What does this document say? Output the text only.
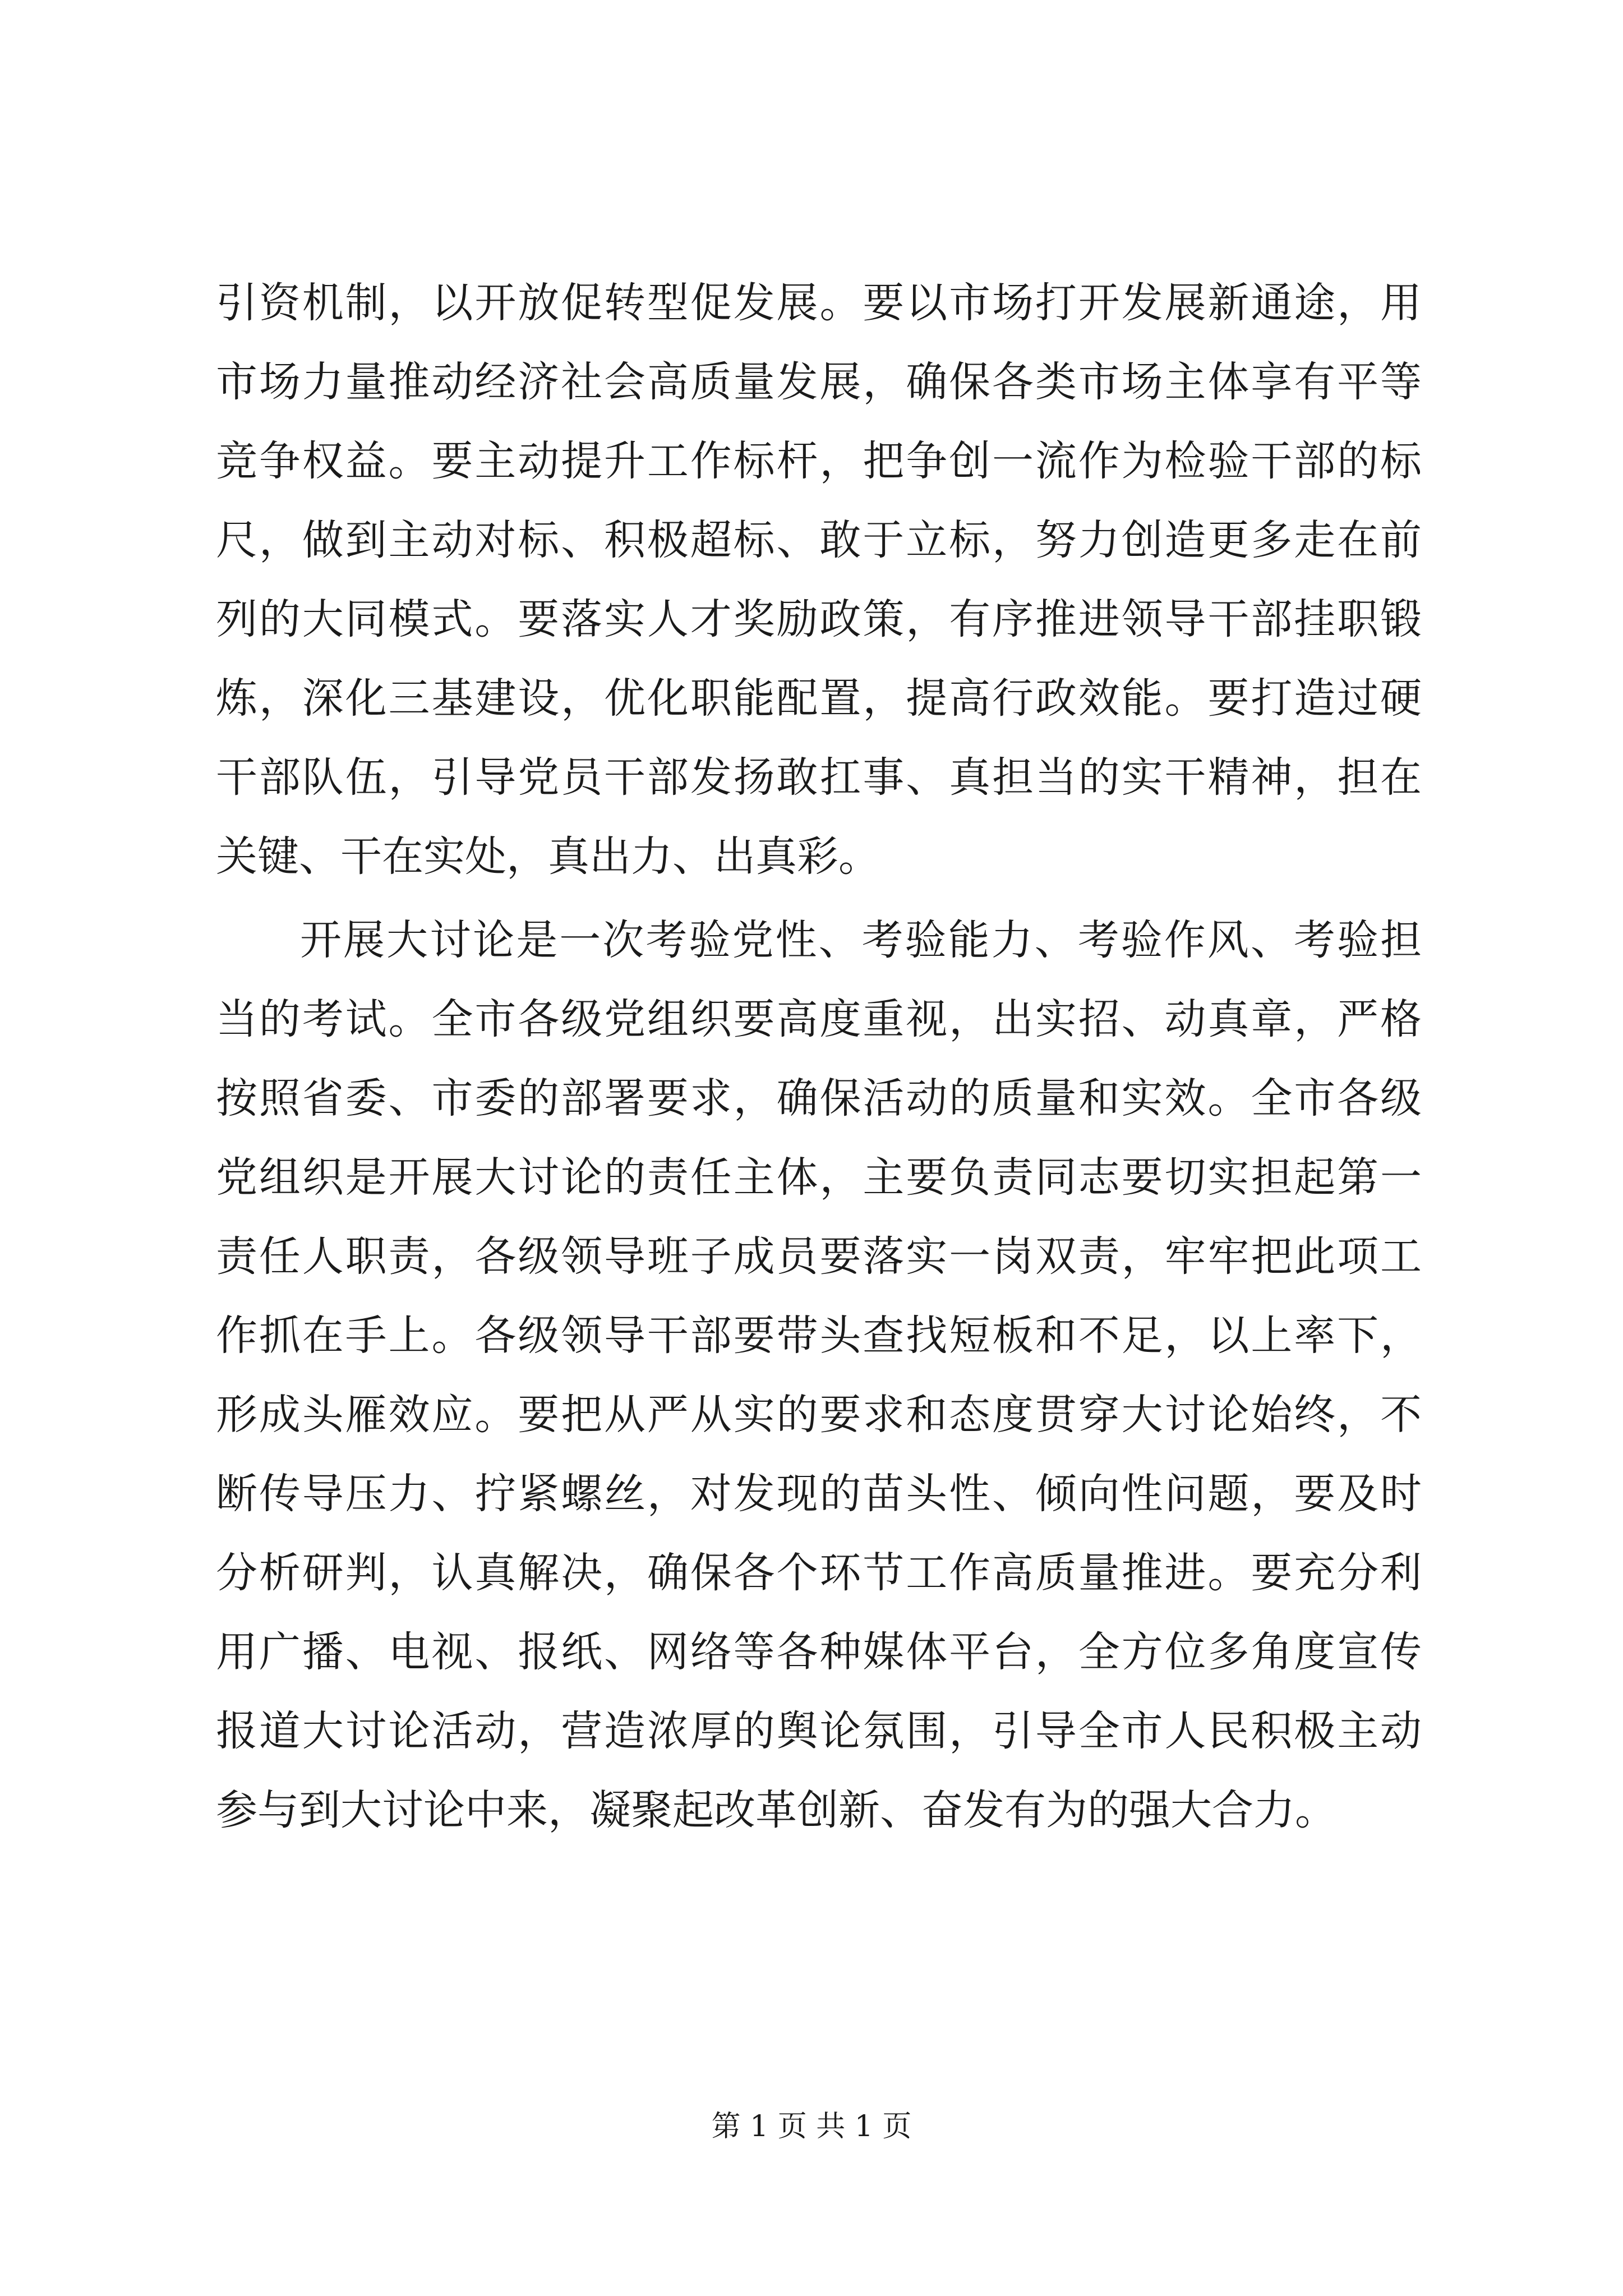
引资机制，以开放促转型促发展。要以市场打开发展新通途，用
市场力量推动经济社会高质量发展，确保各类市场主体享有平等
竞争权益。要主动提升工作标杆，把争创一流作为检验干部的标
尺，做到主动对标、积极超标、敢于立标，努力创造更多走在前
列的大同模式。要落实人才奖励政策，有序推进领导干部挂职锻
炼，深化三基建设，优化职能配置，提高行政效能。要打造过硬
干部队伍，引导党员干部发扬敢扛事、真担当的实干精神，担在
关键、干在实处，真出力、出真彩。
开展大讨论是一次考验党性、考验能力、考验作风、考验担
当的考试。全市各级党组织要高度重视，出实招、动真章，严格
按照省委、市委的部署要求，确保活动的质量和实效。全市各级
党组织是开展大讨论的责任主体，主要负责同志要切实担起第一
责任人职责，各级领导班子成员要落实一岗双责，牢牢把此项工
作抓在手上。各级领导干部要带头查找短板和不足，以上率下，
形成头雁效应。要把从严从实的要求和态度贯穿大讨论始终，不
断传导压力、拧紧螺丝，对发现的苗头性、倾向性问题，要及时
分析研判，认真解决，确保各个环节工作高质量推进。要充分利
用广播、电视、报纸、网络等各种媒体平台，全方位多角度宣传
报道大讨论活动，营造浓厚的舆论氛围，引导全市人民积极主动
参与到大讨论中来，凝聚起改革创新、奋发有为的强大合力。
第 1 页 共 1 页
